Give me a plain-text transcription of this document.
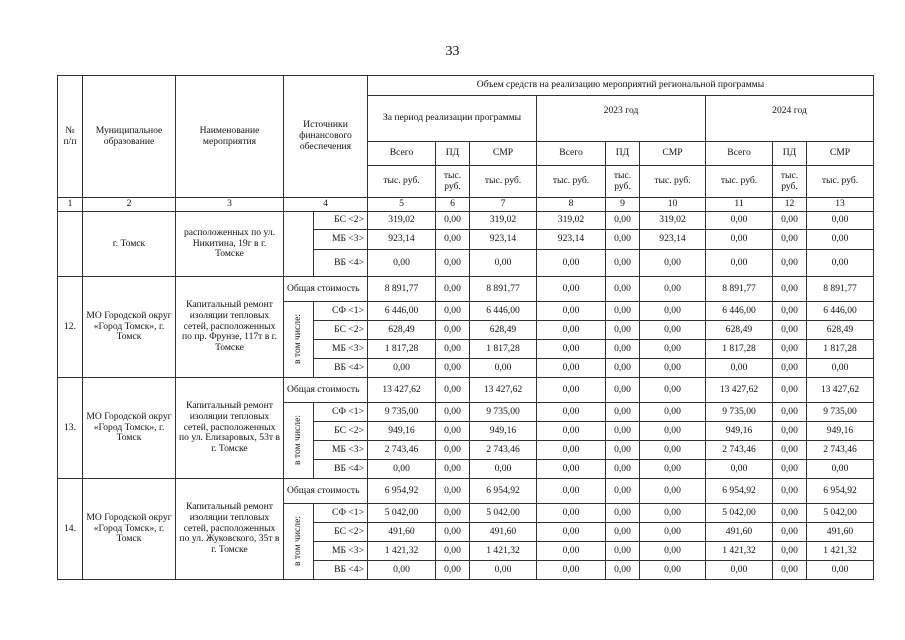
33
№ п/п	Муниципальное образование	Наименование мероприятия	Источники финансового обеспечения		Объем средств на реализацию мероприятий региональной программы								
					За период реализации программы			2023 год			2024 год		
					Всего	ПД	СМР	Всего	ПД	СМР	Всего	ПД	СМР
					тыс. руб.	тыс. руб.	тыс. руб.	тыс. руб.	тыс. руб.	тыс. руб.	тыс. руб.	тыс. руб.	тыс. руб.
1	2	3	4		5	6	7	8	9	10	11	12	13
	г. Томск	расположенных по ул. Никитина, 19г в г. Томске		БС <2>	319,02	0,00	319,02	319,02	0,00	319,02	0,00	0,00	0,00
				МБ <3>	923,14	0,00	923,14	923,14	0,00	923,14	0,00	0,00	0,00
				ВБ <4>	0,00	0,00	0,00	0,00	0,00	0,00	0,00	0,00	0,00
12.	МО Городской округ «Город Томск», г. Томск	Капитальный ремонт изоляции тепловых сетей, расположенных по пр. Фрунзе, 117т в г. Томске	Общая стоимость		8 891,77	0,00	8 891,77	0,00	0,00	0,00	8 891,77	0,00	8 891,77

			в том числе:	СФ <1>	6 446,00	0,00	6 446,00	0,00	0,00	0,00	6 446,00	0,00	6 446,00
				БС <2>	628,49	0,00	628,49	0,00	0,00	0,00	628,49	0,00	628,49
				МБ <3>	1 817,28	0,00	1 817,28	0,00	0,00	0,00	1 817,28	0,00	1 817,28
				ВБ <4>	0,00	0,00	0,00	0,00	0,00	0,00	0,00	0,00	0,00
13.	МО Городской округ «Город Томск», г. Томск	Капитальный ремонт изоляции тепловых сетей, расположенных по ул. Елизаровых, 53т в г. Томске	Общая стоимость		13 427,62	0,00	13 427,62	0,00	0,00	0,00	13 427,62	0,00	13 427,62

			в том числе:	СФ <1>	9 735,00	0,00	9 735,00	0,00	0,00	0,00	9 735,00	0,00	9 735,00
				БС <2>	949,16	0,00	949,16	0,00	0,00	0,00	949,16	0,00	949,16
				МБ <3>	2 743,46	0,00	2 743,46	0,00	0,00	0,00	2 743,46	0,00	2 743,46
				ВБ <4>	0,00	0,00	0,00	0,00	0,00	0,00	0,00	0,00	0,00
14.	МО Городской округ «Город Томск», г. Томск	Капитальный ремонт изоляции тепловых сетей, расположенных по ул. Жуковского, 35т в г. Томске	Общая стоимость		6 954,92	0,00	6 954,92	0,00	0,00	0,00	6 954,92	0,00	6 954,92

			в том числе:	СФ <1>	5 042,00	0,00	5 042,00	0,00	0,00	0,00	5 042,00	0,00	5 042,00
				БС <2>	491,60	0,00	491,60	0,00	0,00	0,00	491,60	0,00	491,60
				МБ <3>	1 421,32	0,00	1 421,32	0,00	0,00	0,00	1 421,32	0,00	1 421,32
				ВБ <4>	0,00	0,00	0,00	0,00	0,00	0,00	0,00	0,00	0,00
